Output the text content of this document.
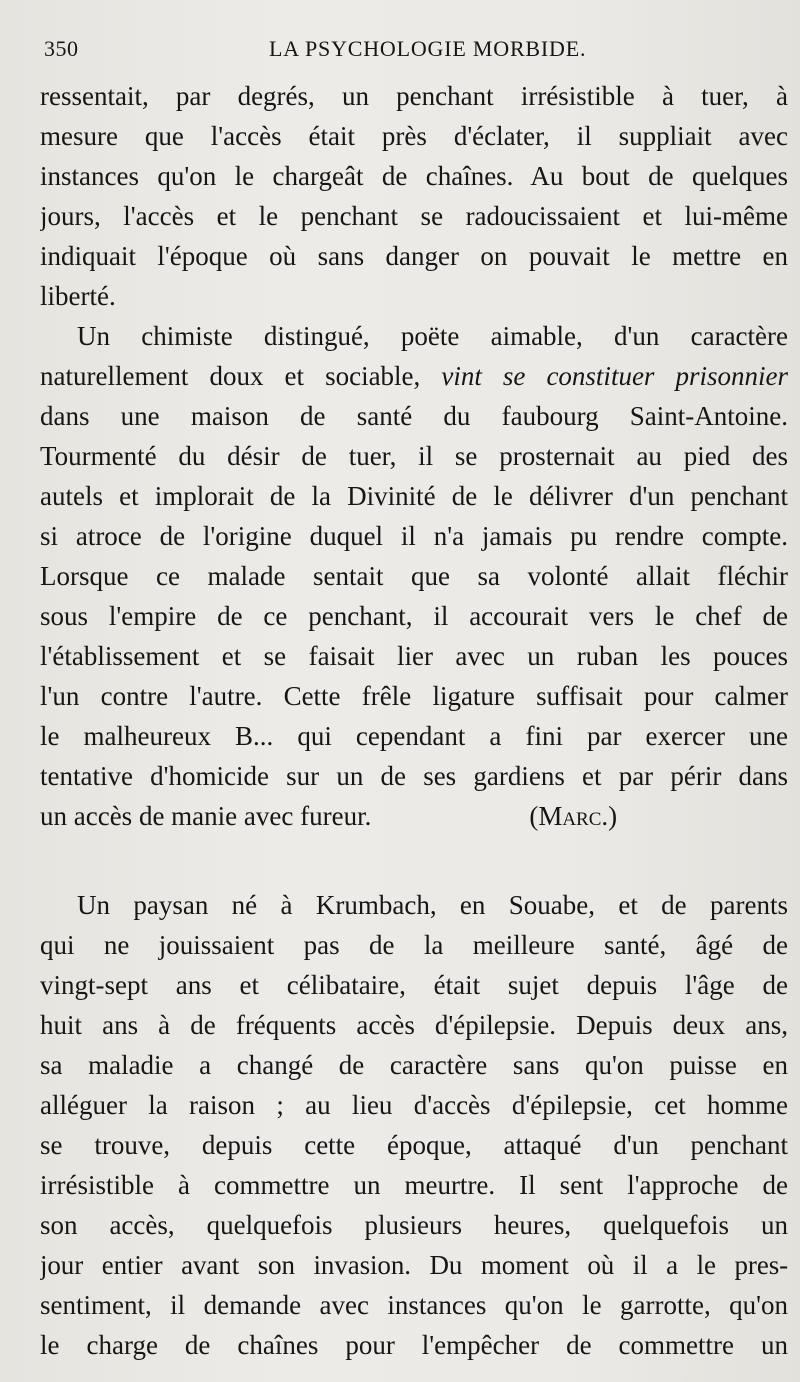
350	LA PSYCHOLOGIE MORBIDE.
ressentait, par degrés, un penchant irrésistible à tuer, à
mesure que l'accès était près d'éclater, il suppliait avec
instances qu'on le chargeât de chaînes. Au bout de quelques
jours, l'accès et le penchant se radoucissaient et lui-même
indiquait l'époque où sans danger on pouvait le mettre en
liberté.
Un chimiste distingué, poëte aimable, d'un caractère
naturellement doux et sociable, vint se constituer prisonnier
dans une maison de santé du faubourg Saint-Antoine.
Tourmenté du désir de tuer, il se prosternait au pied des
autels et implorait de la Divinité de le délivrer d'un penchant
si atroce de l'origine duquel il n'a jamais pu rendre compte.
Lorsque ce malade sentait que sa volonté allait fléchir
sous l'empire de ce penchant, il accourait vers le chef de
l'établissement et se faisait lier avec un ruban les pouces
l'un contre l'autre. Cette frêle ligature suffisait pour calmer
le malheureux B... qui cependant a fini par exercer une
tentative d'homicide sur un de ses gardiens et par périr dans
un accès de manie avec fureur.	(Marc.)
Un paysan né à Krumbach, en Souabe, et de parents
qui ne jouissaient pas de la meilleure santé, âgé de
vingt-sept ans et célibataire, était sujet depuis l'âge de
huit ans à de fréquents accès d'épilepsie. Depuis deux ans,
sa maladie a changé de caractère sans qu'on puisse en
alléguer la raison ; au lieu d'accès d'épilepsie, cet homme
se trouve, depuis cette époque, attaqué d'un penchant
irrésistible à commettre un meurtre. Il sent l'approche de
son accès, quelquefois plusieurs heures, quelquefois un
jour entier avant son invasion. Du moment où il a le pres-
sentiment, il demande avec instances qu'on le garrotte, qu'on
le charge de chaînes pour l'empêcher de commettre un
